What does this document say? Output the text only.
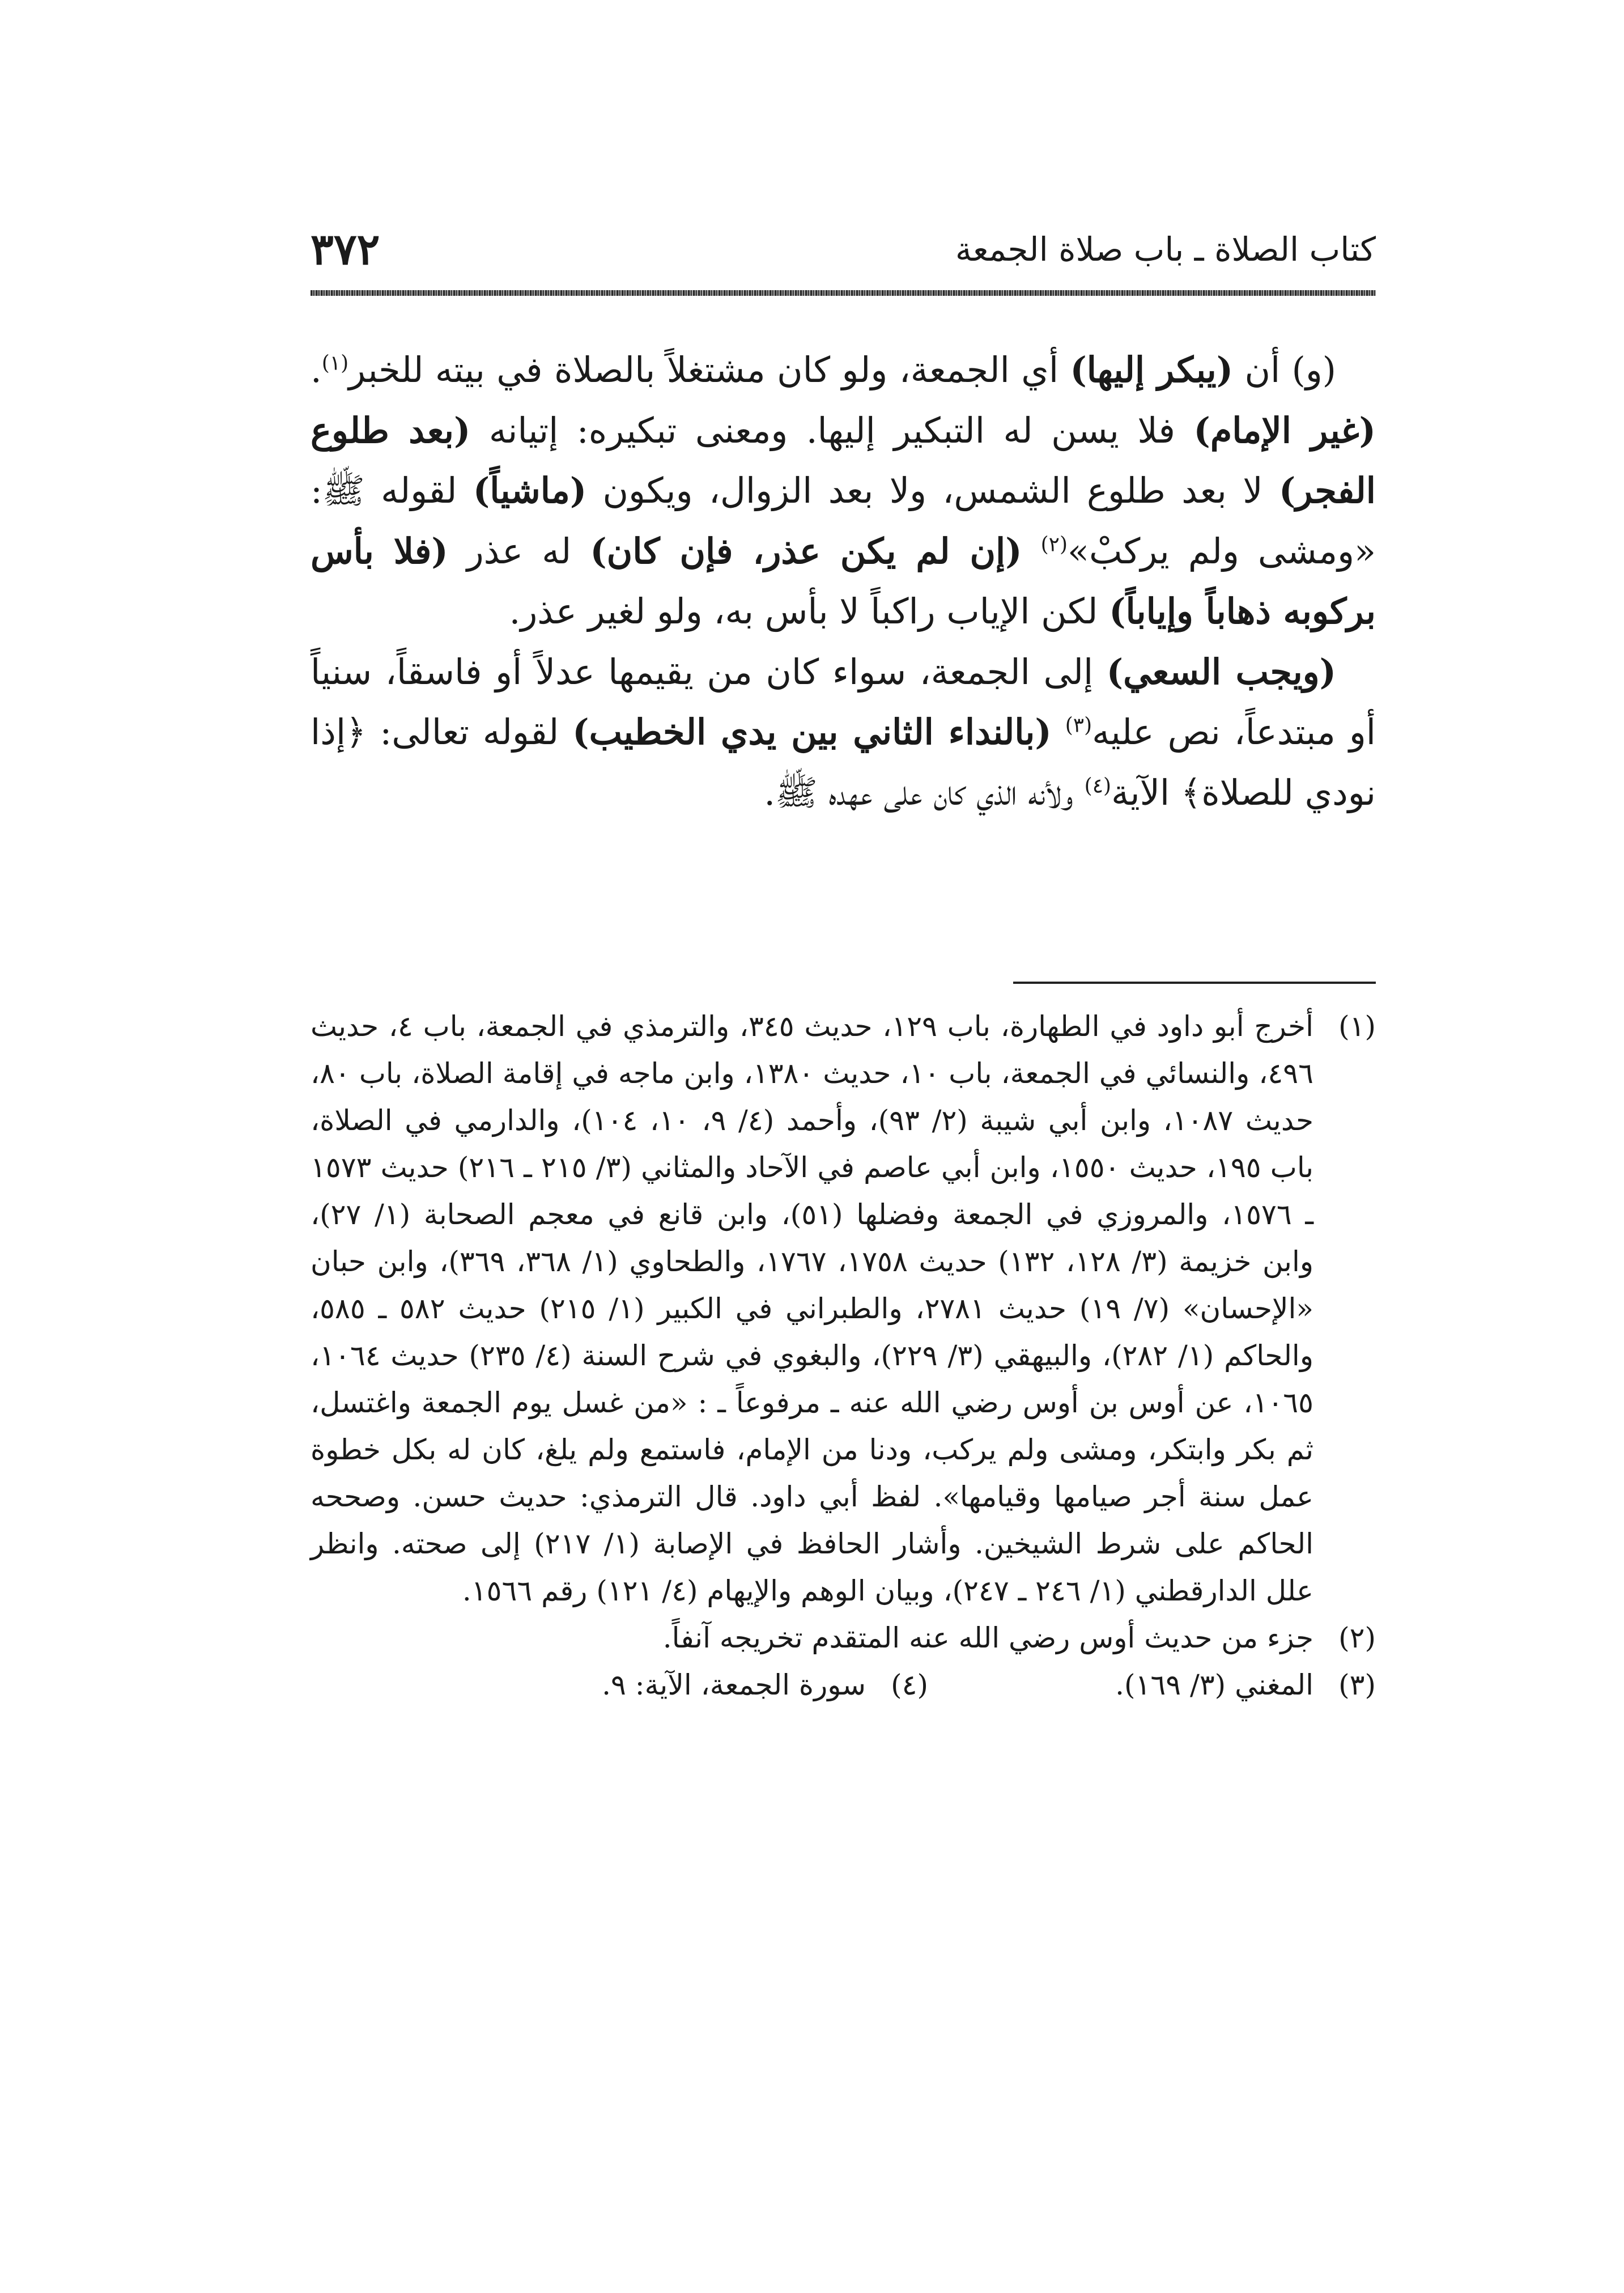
كتاب الصلاة ـ باب صلاة الجمعة
٣٧٢

(و) أن (يبكر إليها) أي الجمعة، ولو كان مشتغلاً بالصلاة في بيته للخبر$^{(١)}$. (غير الإمام) فلا يسن له التبكير إليها. ومعنى تبكيره: إتيانه (بعد طلوع الفجر) لا بعد طلوع الشمس، ولا بعد الزوال، ويكون (ماشياً) لقوله ﷺ: «ومشى ولم يركبْ»$^{(٢)}$ (إن لم يكن عذر، فإن كان) له عذر (فلا بأس بركوبه ذهاباً وإياباً) لكن الإياب راكباً لا بأس به، ولو لغير عذر.

(ويجب السعي) إلى الجمعة، سواء كان من يقيمها عدلاً أو فاسقاً، سنياً أو مبتدعاً، نص عليه$^{(٣)}$ (بالنداء الثاني بين يدي الخطيب) لقوله تعالى: ﴿إذا نودي للصلاة﴾ الآية$^{(٤)}$ ولأنه الذي كان على عهده ﷺ.

(١)
أخرج أبو داود في الطهارة، باب ١٢٩، حديث ٣٤٥، والترمذي في الجمعة، باب ٤، حديث ٤٩٦، والنسائي في الجمعة، باب ١٠، حديث ١٣٨٠، وابن ماجه في إقامة الصلاة، باب ٨٠، حديث ١٠٨٧، وابن أبي شيبة (٢/ ٩٣)، وأحمد (٤/ ٩، ١٠، ١٠٤)، والدارمي في الصلاة، باب ١٩٥، حديث ١٥٥٠، وابن أبي عاصم في الآحاد والمثاني (٣/ ٢١٥ ـ ٢١٦) حديث ١٥٧٣ ـ ١٥٧٦، والمروزي في الجمعة وفضلها (٥١)، وابن قانع في معجم الصحابة (١/ ٢٧)، وابن خزيمة (٣/ ١٢٨، ١٣٢) حديث ١٧٥٨، ١٧٦٧، والطحاوي (١/ ٣٦٨، ٣٦٩)، وابن حبان «الإحسان» (٧/ ١٩) حديث ٢٧٨١، والطبراني في الكبير (١/ ٢١٥) حديث ٥٨٢ ـ ٥٨٥، والحاكم (١/ ٢٨٢)، والبيهقي (٣/ ٢٢٩)، والبغوي في شرح السنة (٤/ ٢٣٥) حديث ١٠٦٤، ١٠٦٥، عن أوس بن أوس رضي الله عنه ـ مرفوعاً ـ : «من غسل يوم الجمعة واغتسل، ثم بكر وابتكر، ومشى ولم يركب، ودنا من الإمام، فاستمع ولم يلغ، كان له بكل خطوة عمل سنة أجر صيامها وقيامها». لفظ أبي داود. قال الترمذي: حديث حسن. وصححه الحاكم على شرط الشيخين. وأشار الحافظ في الإصابة (١/ ٢١٧) إلى صحته. وانظر علل الدارقطني (١/ ٢٤٦ ـ ٢٤٧)، وبيان الوهم والإيهام (٤/ ١٢١) رقم ١٥٦٦.
(٢)
جزء من حديث أوس رضي الله عنه المتقدم تخريجه آنفاً.
(٣)
المغني (٣/ ١٦٩).
(٤)
سورة الجمعة، الآية: ٩.
